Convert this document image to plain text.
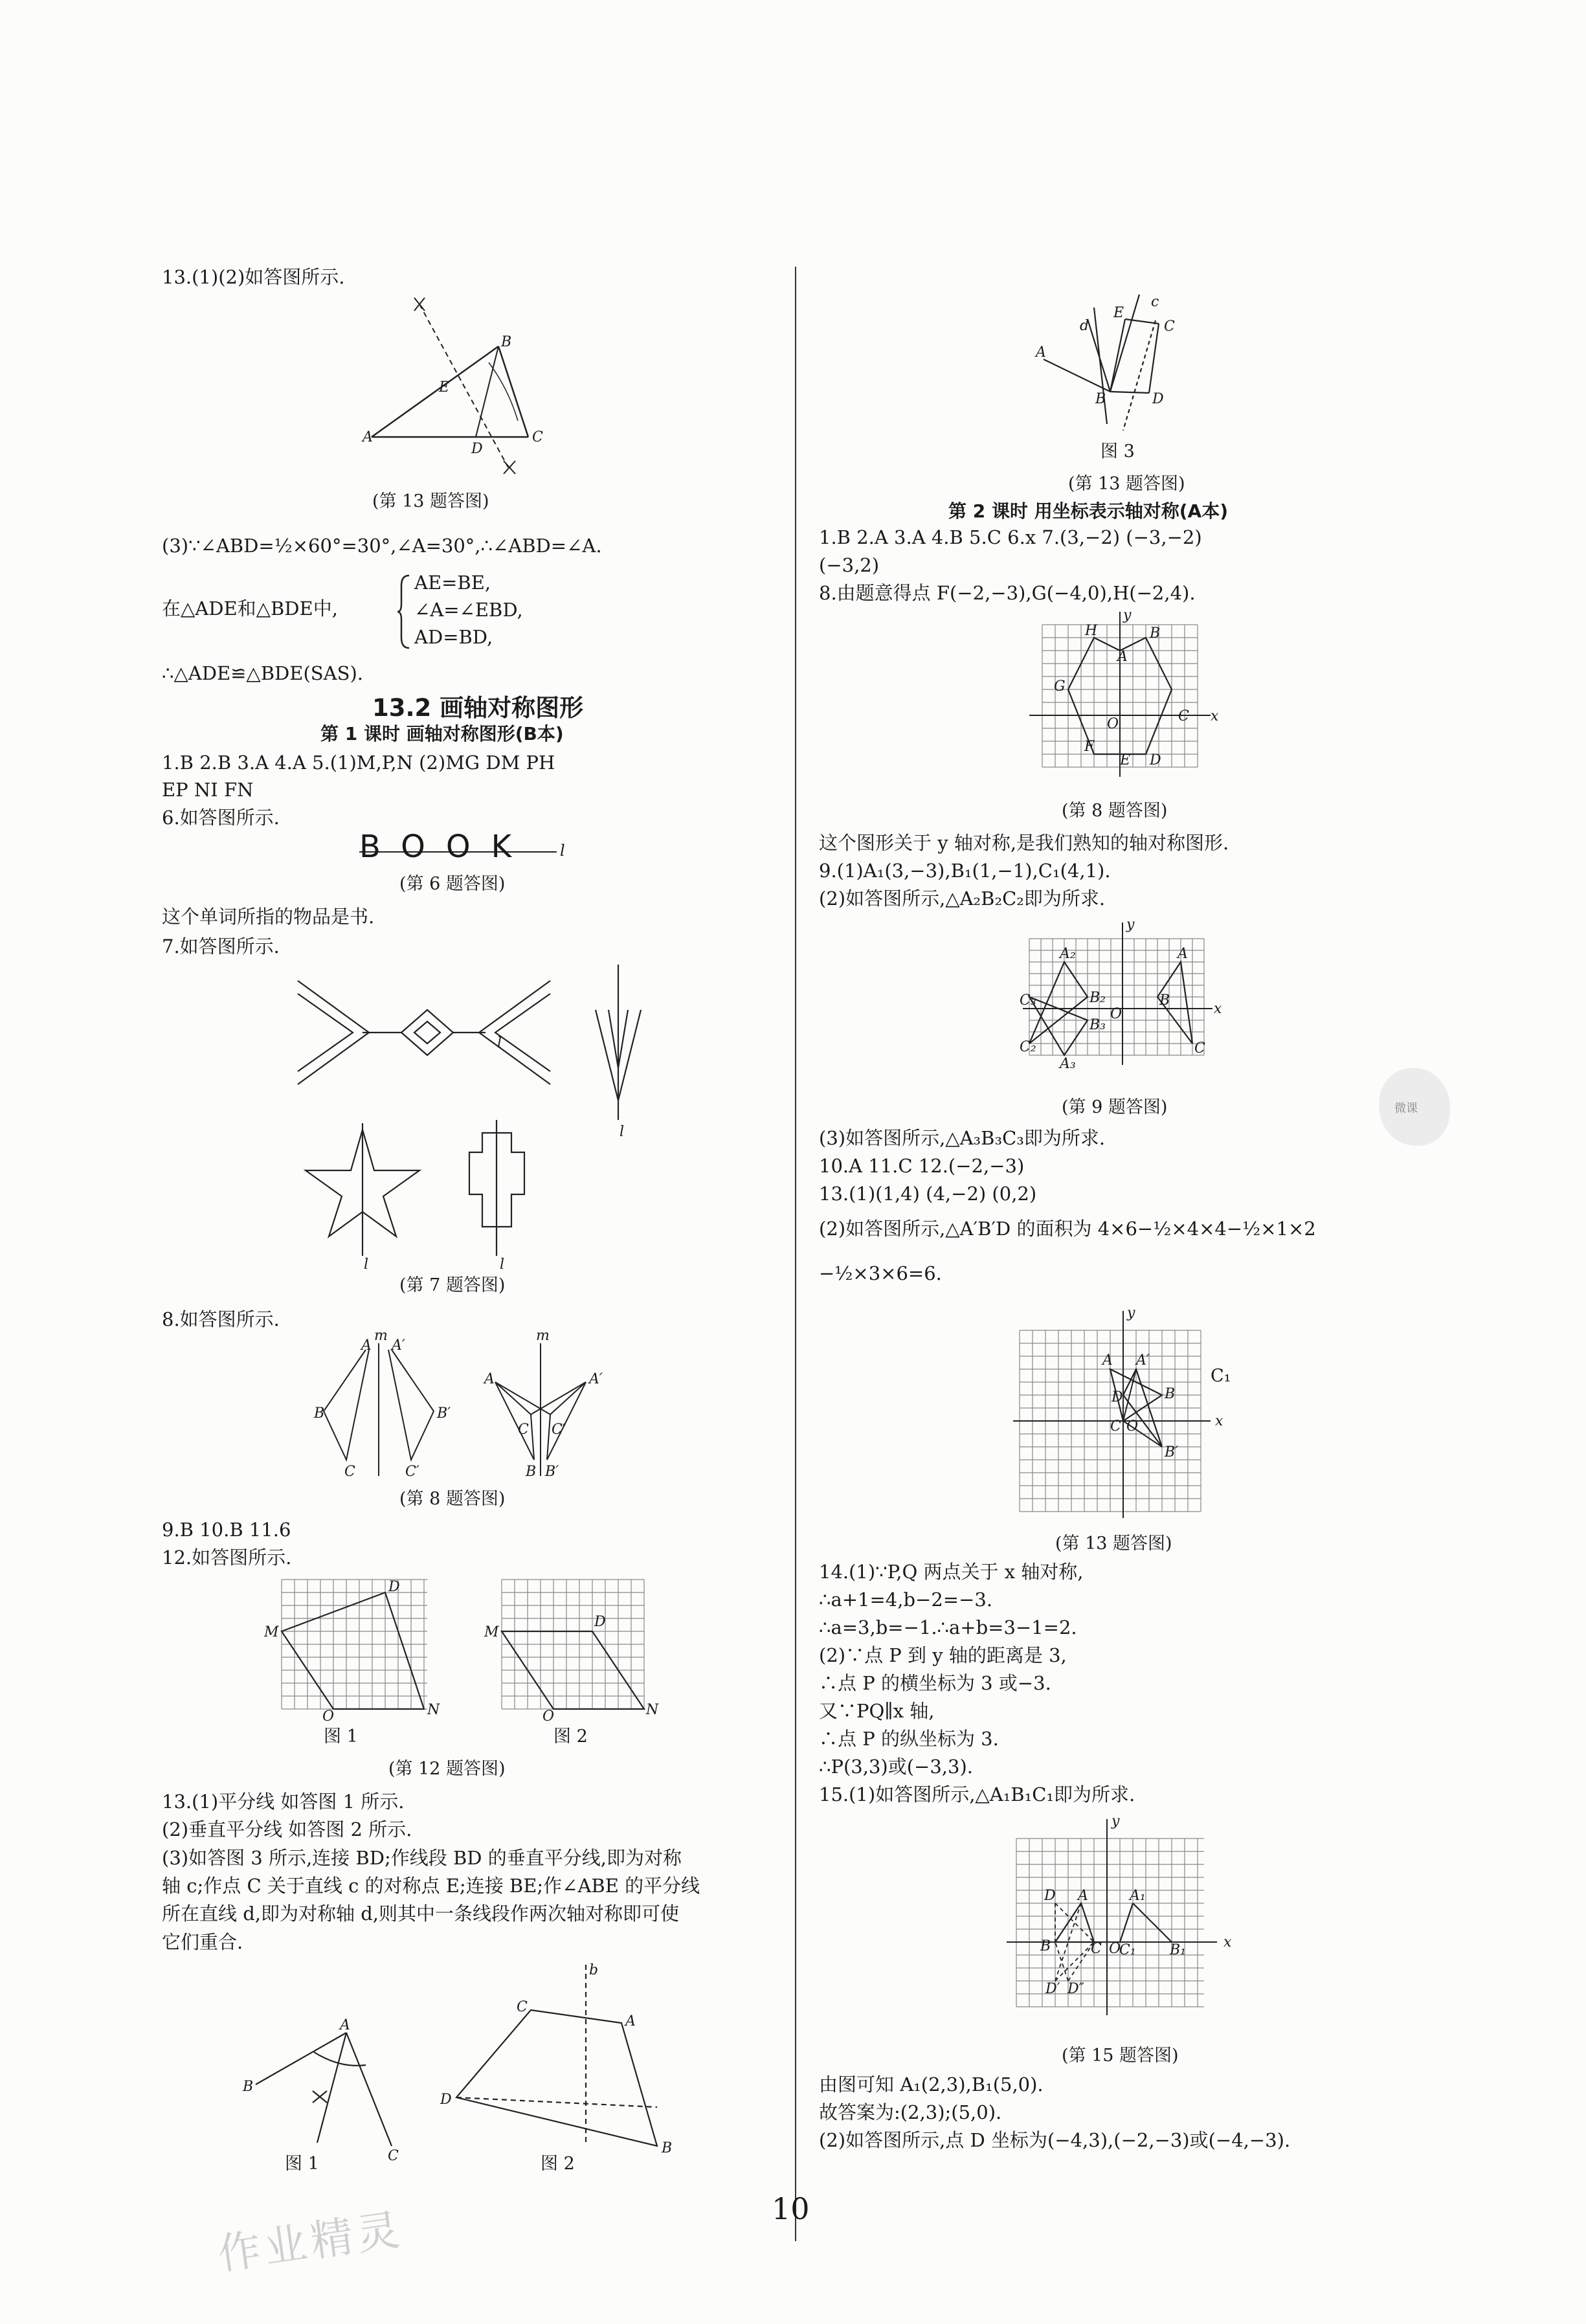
13.(1)(2)如答图所示.
A
B
C
D
E
(第 13 题答图)
(3)∵∠ABD=½×60°=30°,∠A=30°,∴∠ABD=∠A.
在△ADE和△BDE中,
AE=BE,
∠A=∠EBD,
AD=BD,
∴△ADE≌△BDE(SAS).
13.2 画轴对称图形
第 1 课时 画轴对称图形(B本)
1.B 2.B 3.A 4.A 5.(1)M,P,N (2)MG DM PH
EP NI FN
6.如答图所示.
l
BOOK
(第 6 题答图)
这个单词所指的物品是书.
7.如答图所示.
l
l
l	l
(第 7 题答图)
8.如答图所示.
m
A A′
B	B′
C	C′
m
A	A′
C C′
B B′
(第 8 题答图)
9.B 10.B 11.6
12.如答图所示.
M
D
N
O
M
D
N
O
图 1	图 2
(第 12 题答图)
13.(1)平分线 如答图 1 所示.
(2)垂直平分线 如答图 2 所示.
(3)如答图 3 所示,连接 BD;作线段 BD 的垂直平分线,即为对称
轴 c;作点 C 关于直线 c 的对称点 E;连接 BE;作∠ABE 的平分线
所在直线 d,即为对称轴 d,则其中一条线段作两次轴对称即可使
它们重合.
A
B
C
图 1
b
C
A
D
B
图 2
A
B
C
D
E
d
c
图 3
(第 13 题答图)
第 2 课时 用坐标表示轴对称(A本)
1.B 2.A 3.A 4.B 5.C 6.x 7.(3,−2) (−3,−2)
(−3,2)
8.由题意得点 F(−2,−3),G(−4,0),H(−2,4).
x
y
H
A
B
G
C
O
F
E D
(第 8 题答图)
这个图形关于 y 轴对称,是我们熟知的轴对称图形.
9.(1)A₁(3,−3),B₁(1,−1),C₁(4,1).
(2)如答图所示,△A₂B₂C₂即为所求.
x
y
A
B
C
A₂
B₂
C₂
A₃
B₃
C₃
O
(第 9 题答图)
(3)如答图所示,△A₃B₃C₃即为所求.
10.A 11.C 12.(−2,−3)
13.(1)(1,4) (4,−2) (0,2)
(2)如答图所示,△A′B′D 的面积为 4×6−½×4×4−½×1×2
−½×3×6=6.
x
y
A A′
B
B′
D
C O
C₁
(第 13 题答图)
14.(1)∵P,Q 两点关于 x 轴对称,
∴a+1=4,b−2=−3.
∴a=3,b=−1.∴a+b=3−1=2.
(2)∵点 P 到 y 轴的距离是 3,
∴点 P 的横坐标为 3 或−3.
又∵PQ∥x 轴,
∴点 P 的纵坐标为 3.
∴P(3,3)或(−3,3).
15.(1)如答图所示,△A₁B₁C₁即为所求.
x
y
D A	A₁
B	C O
C₁ B₁
D′ D″
(第 15 题答图)
由图可知 A₁(2,3),B₁(5,0).
故答案为:(2,3);(5,0).
(2)如答图所示,点 D 坐标为(−4,3),(−2,−3)或(−4,−3).
微课
10
作业精灵
